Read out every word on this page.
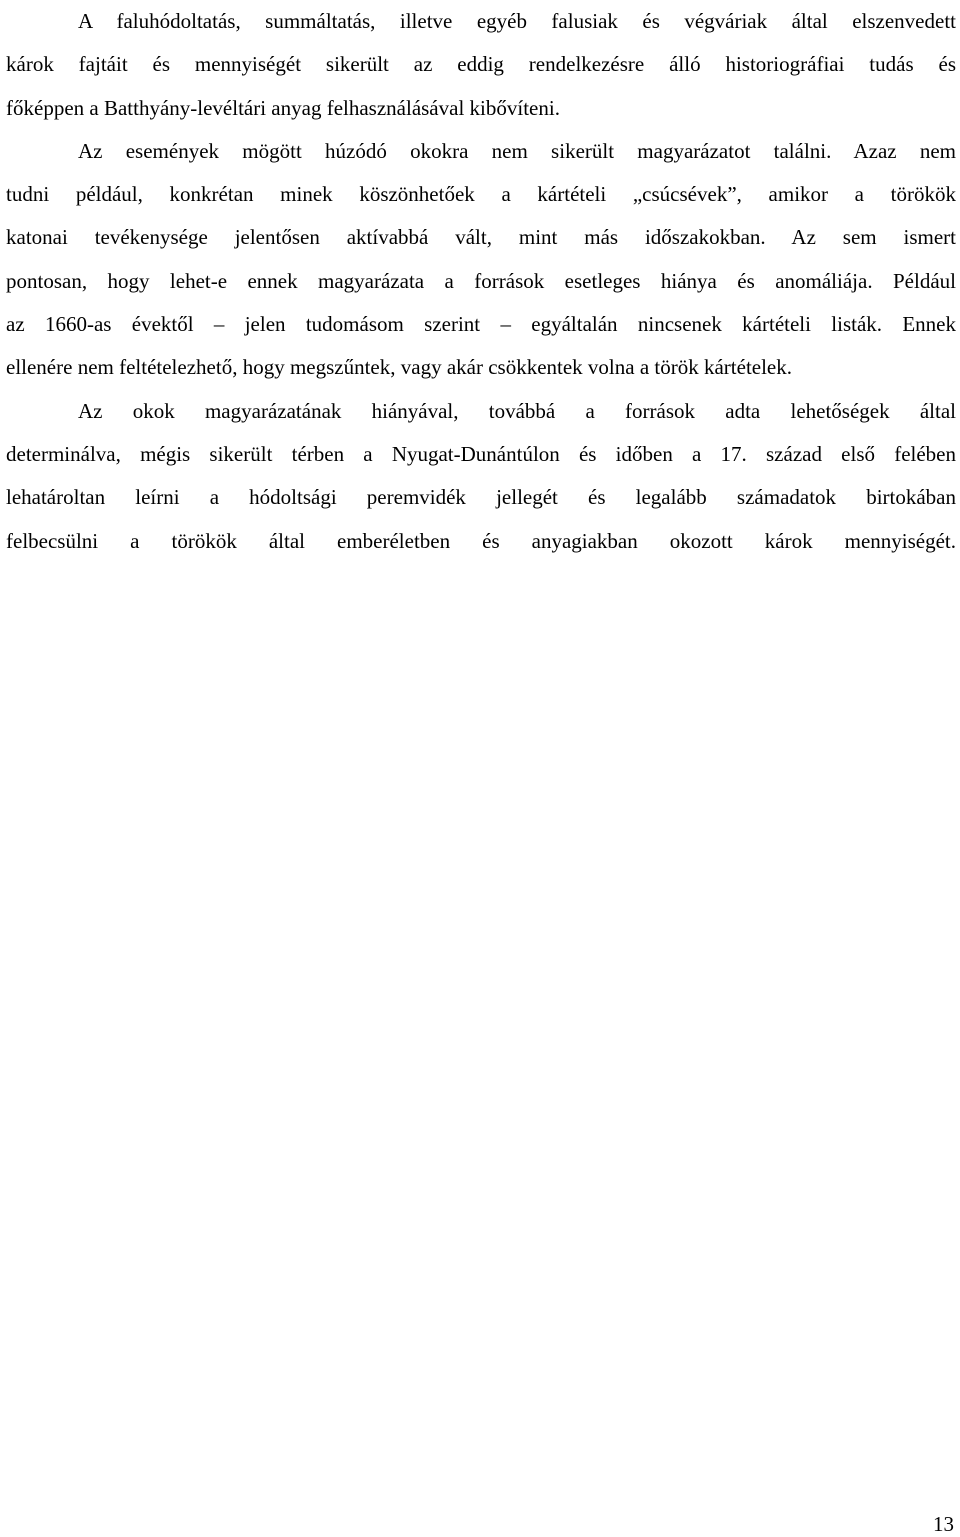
A faluhódoltatás, summáltatás, illetve egyéb falusiak és végváriak által elszenvedett
károk fajtáit és mennyiségét sikerült az eddig rendelkezésre álló historiográfiai tudás és
főképpen a Batthyány-levéltári anyag felhasználásával kibővíteni.
Az események mögött húzódó okokra nem sikerült magyarázatot találni. Azaz nem
tudni például, konkrétan minek köszönhetőek a kártételi „csúcsévek”, amikor a törökök
katonai tevékenysége jelentősen aktívabbá vált, mint más időszakokban. Az sem ismert
pontosan, hogy lehet-e ennek magyarázata a források esetleges hiánya és anomáliája. Például
az 1660-as évektől – jelen tudomásom szerint – egyáltalán nincsenek kártételi listák. Ennek
ellenére nem feltételezhető, hogy megszűntek, vagy akár csökkentek volna a török kártételek.
Az okok magyarázatának hiányával, továbbá a források adta lehetőségek által
determinálva, mégis sikerült térben a Nyugat-Dunántúlon és időben a 17. század első felében
lehatároltan leírni a hódoltsági peremvidék jellegét és legalább számadatok birtokában
felbecsülni a törökök által emberéletben és anyagiakban okozott károk mennyiségét.
13
